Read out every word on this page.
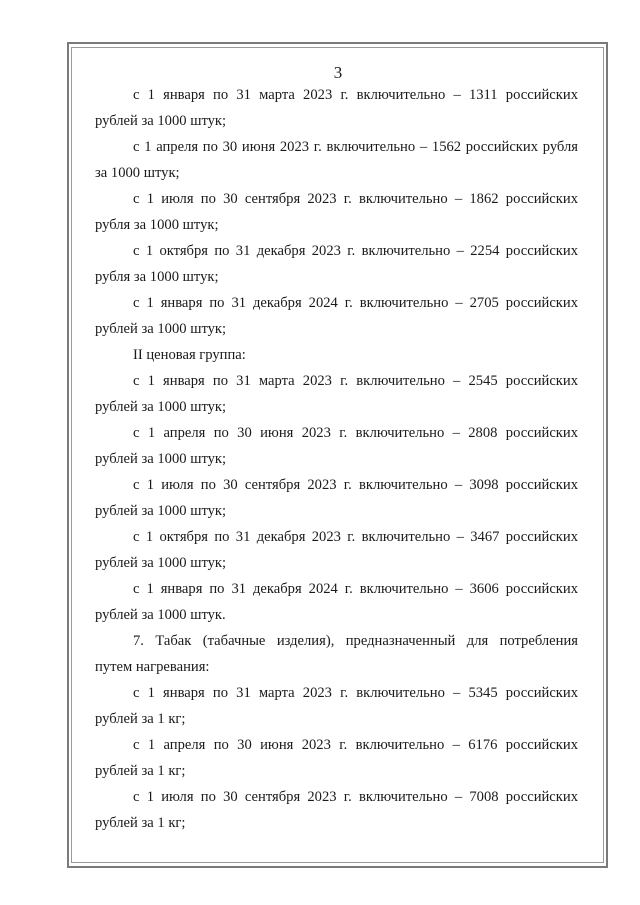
3

с 1 января по 31 марта 2023 г. включительно – 1311 российских
рублей за 1000 штук;

с 1 апреля по 30 июня 2023 г. включительно – 1562 российских рубля
за 1000 штук;

с 1 июля по 30 сентября 2023 г. включительно – 1862 российских
рубля за 1000 штук;

с 1 октября по 31 декабря 2023 г. включительно – 2254 российских
рубля за 1000 штук;

с 1 января по 31 декабря 2024 г. включительно – 2705 российских
рублей за 1000 штук;

II ценовая группа:

с 1 января по 31 марта 2023 г. включительно – 2545 российских
рублей за 1000 штук;

с 1 апреля по 30 июня 2023 г. включительно – 2808 российских
рублей за 1000 штук;

с 1 июля по 30 сентября 2023 г. включительно – 3098 российских
рублей за 1000 штук;

с 1 октября по 31 декабря 2023 г. включительно – 3467 российских
рублей за 1000 штук;

с 1 января по 31 декабря 2024 г. включительно – 3606 российских
рублей за 1000 штук.

7. Табак (табачные изделия), предназначенный для потребления
путем нагревания:

с 1 января по 31 марта 2023 г. включительно – 5345 российских
рублей за 1 кг;

с 1 апреля по 30 июня 2023 г. включительно – 6176 российских
рублей за 1 кг;

с 1 июля по 30 сентября 2023 г. включительно – 7008 российских
рублей за 1 кг;
